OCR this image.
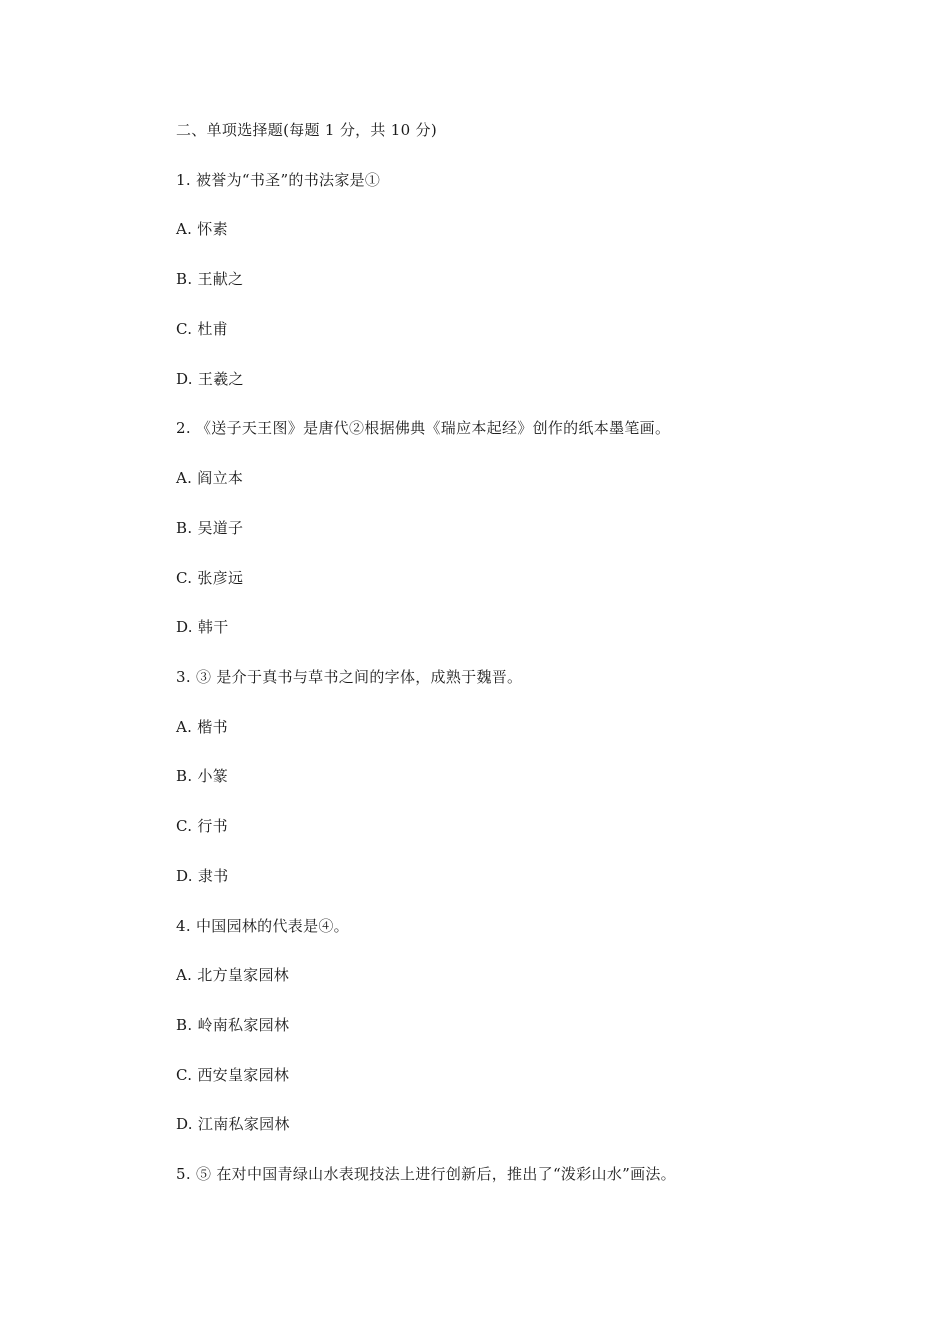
二、单项选择题(每题 1 分，共 10 分)
1. 被誉为“书圣”的书法家是①
A. 怀素
B. 王献之
C. 杜甫
D. 王羲之
2. 《送子天王图》是唐代②根据佛典《瑞应本起经》创作的纸本墨笔画。
A. 阎立本
B. 吴道子
C. 张彦远
D. 韩干
3. ③ 是介于真书与草书之间的字体，成熟于魏晋。
A. 楷书
B. 小篆
C. 行书
D. 隶书
4. 中国园林的代表是④。
A. 北方皇家园林
B. 岭南私家园林
C. 西安皇家园林
D. 江南私家园林
5. ⑤ 在对中国青绿山水表现技法上进行创新后，推出了“泼彩山水”画法。
